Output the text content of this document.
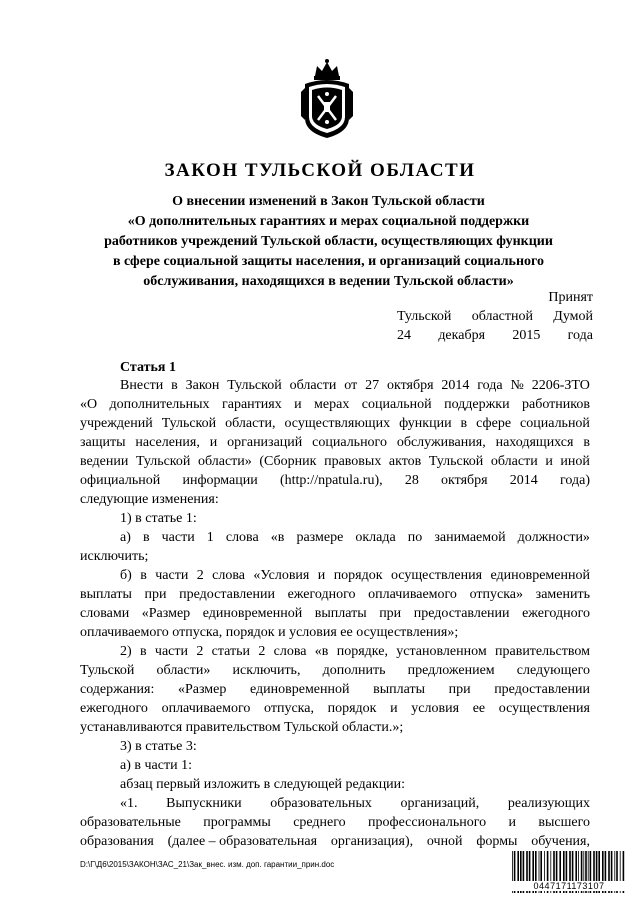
ЗАКОН ТУЛЬСКОЙ ОБЛАСТИ
О внесении изменений в Закон Тульской области
«О дополнительных гарантиях и мерах социальной поддержки
работников учреждений Тульской области, осуществляющих функции
в сфере социальной защиты населения, и организаций социального
обслуживания, находящихся в ведении Тульской области»
Принят
Тульской областной Думой
24 декабря 2015 года
Статья 1
Внести в Закон Тульской области от 27 октября 2014 года № 2206-ЗТО
«О дополнительных гарантиях и мерах социальной поддержки работников
учреждений Тульской области, осуществляющих функции в сфере социальной
защиты населения, и организаций социального обслуживания, находящихся в
ведении Тульской области» (Сборник правовых актов Тульской области и иной
официальной информации (http://npatula.ru), 28 октября 2014 года)
следующие изменения:
1) в статье 1:
а) в части 1 слова «в размере оклада по занимаемой должности»
исключить;
б) в части 2 слова «Условия и порядок осуществления единовременной
выплаты при предоставлении ежегодного оплачиваемого отпуска» заменить
словами «Размер единовременной выплаты при предоставлении ежегодного
оплачиваемого отпуска, порядок и условия ее осуществления»;
2) в части 2 статьи 2 слова «в порядке, установленном правительством
Тульской области» исключить, дополнить предложением следующего
содержания: «Размер единовременной выплаты при предоставлении
ежегодного оплачиваемого отпуска, порядок и условия ее осуществления
устанавливаются правительством Тульской области.»;
3) в статье 3:
а) в части 1:
абзац первый изложить в следующей редакции:
«1. Выпускники образовательных организаций, реализующих
образовательные программы среднего профессионального и высшего
образования (далее – образовательная организация), очной формы обучения,
D:\Г\Д6\2015\ЗАКОН\ЗАС_21\Зак_внес. изм. доп. гарантии_прин.doc
0447171173107
